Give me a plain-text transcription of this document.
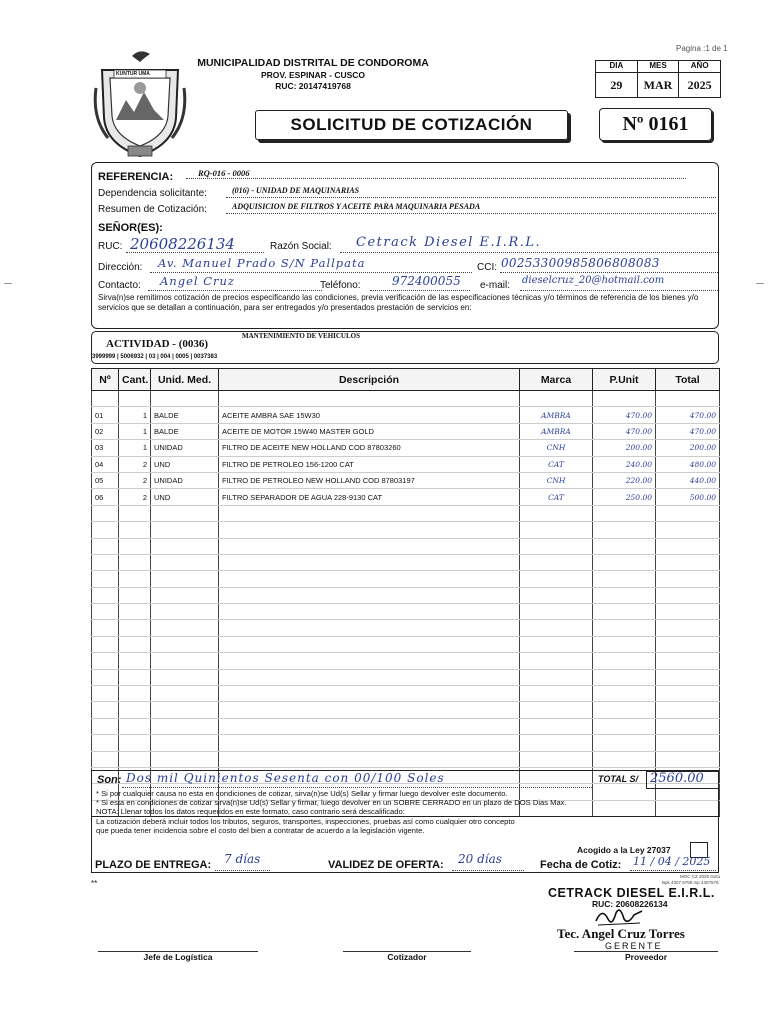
Pagina :1 de 1
KUNTUR UMA
MUNICIPALIDAD DISTRITAL DE CONDOROMA
PROV. ESPINAR - CUSCO
RUC: 20147419768
DIA	MES	AÑO
29	MAR	2025
SOLICITUD DE COTIZACIÓN	Nº 0161
REFERENCIA:	RQ-016 - 0006
Dependencia solicitante:	(016) - UNIDAD DE MAQUINARIAS
Resumen de Cotización:	ADQUISICION DE FILTROS Y ACEITE PARA MAQUINARIA PESADA
SEÑOR(ES):
RUC: 20608226134	Razón Social: Cetrack Diesel E.I.R.L.
Dirección: Av. Manuel Prado S/N Pallpata	CCI: 00253300985806808083
Contacto: Angel Cruz	Teléfono:	972400055 e-mail: dieselcruz_20@hotmail.com
Sirva(n)se remitirnos cotización de precios especificando las condiciones, previa verificación de las especificaciones técnicas y/o términos de referencia de los bienes y/o servicios que se detallan a continuación, para ser entregados y/o presentados prestación de servicios en:
ACTIVIDAD - (0036)
MANTENIMIENTO DE VEHICULOS
3999999 | 5006932 | 03 | 004 | 0005 | 0037383
Nº	Cant.	Unid. Med.	Descripción	Marca	P.Unit	Total

01	1	BALDE	ACEITE AMBRA SAE 15W30	AMBRA	470.00	470.00
02	1	BALDE	ACEITE DE MOTOR 15W40 MASTER GOLD	AMBRA	470.00	470.00
03	1	UNIDAD	FILTRO DE ACEITE NEW HOLLAND COD 87803260	CNH	200.00	200.00
04	2	UND	FILTRO DE PETROLEO 156-1200 CAT	CAT	240.00	480.00
05	2	UNIDAD	FILTRO DE PETROLEO NEW HOLLAND COD 87803197	CNH	220.00	440.00
06	2	UND	FILTRO SEPARADOR DE AGUA 228-9130 CAT	CAT	250.00	500.00

Son: Dos mil Quinientos Sesenta con 00/100 Soles	TOTAL S/ 2560.00
* Si por cualquier causa no esta en condiciones de cotizar, sirva(n)se Ud(s) Sellar y firmar luego devolver este documento.
* Si esta en condiciones de cotizar sirva(n)se Ud(s) Sellar y firmar, luego devolver en un SOBRE CERRADO en un plazo de DOS Dias Max.
NOTA: Llenar todos los datos requeridos en este formato, caso contrario será descalificado:
La cotización deberá incluir todos los tributos, seguros, transportes, inspecciones, pruebas así como cualquier otro concepto
que pueda tener incidencia sobre el costo del bien a contratar de acuerdo a la legislación vigente.
Acogido a la Ley 27037
PLAZO DE ENTREGA: 7 días	VALIDEZ DE OFERTA: 20 días	Fecha de Cotiz: 11 / 04 / 2025
**
MOC CZ 2025 0161
Bpk 4307 6759 mp 4307676
CETRACK DIESEL E.I.R.L.
RUC: 20608226134
Tec. Angel Cruz Torres
GERENTE
Jefe de Logística	Cotizador	Proveedor
